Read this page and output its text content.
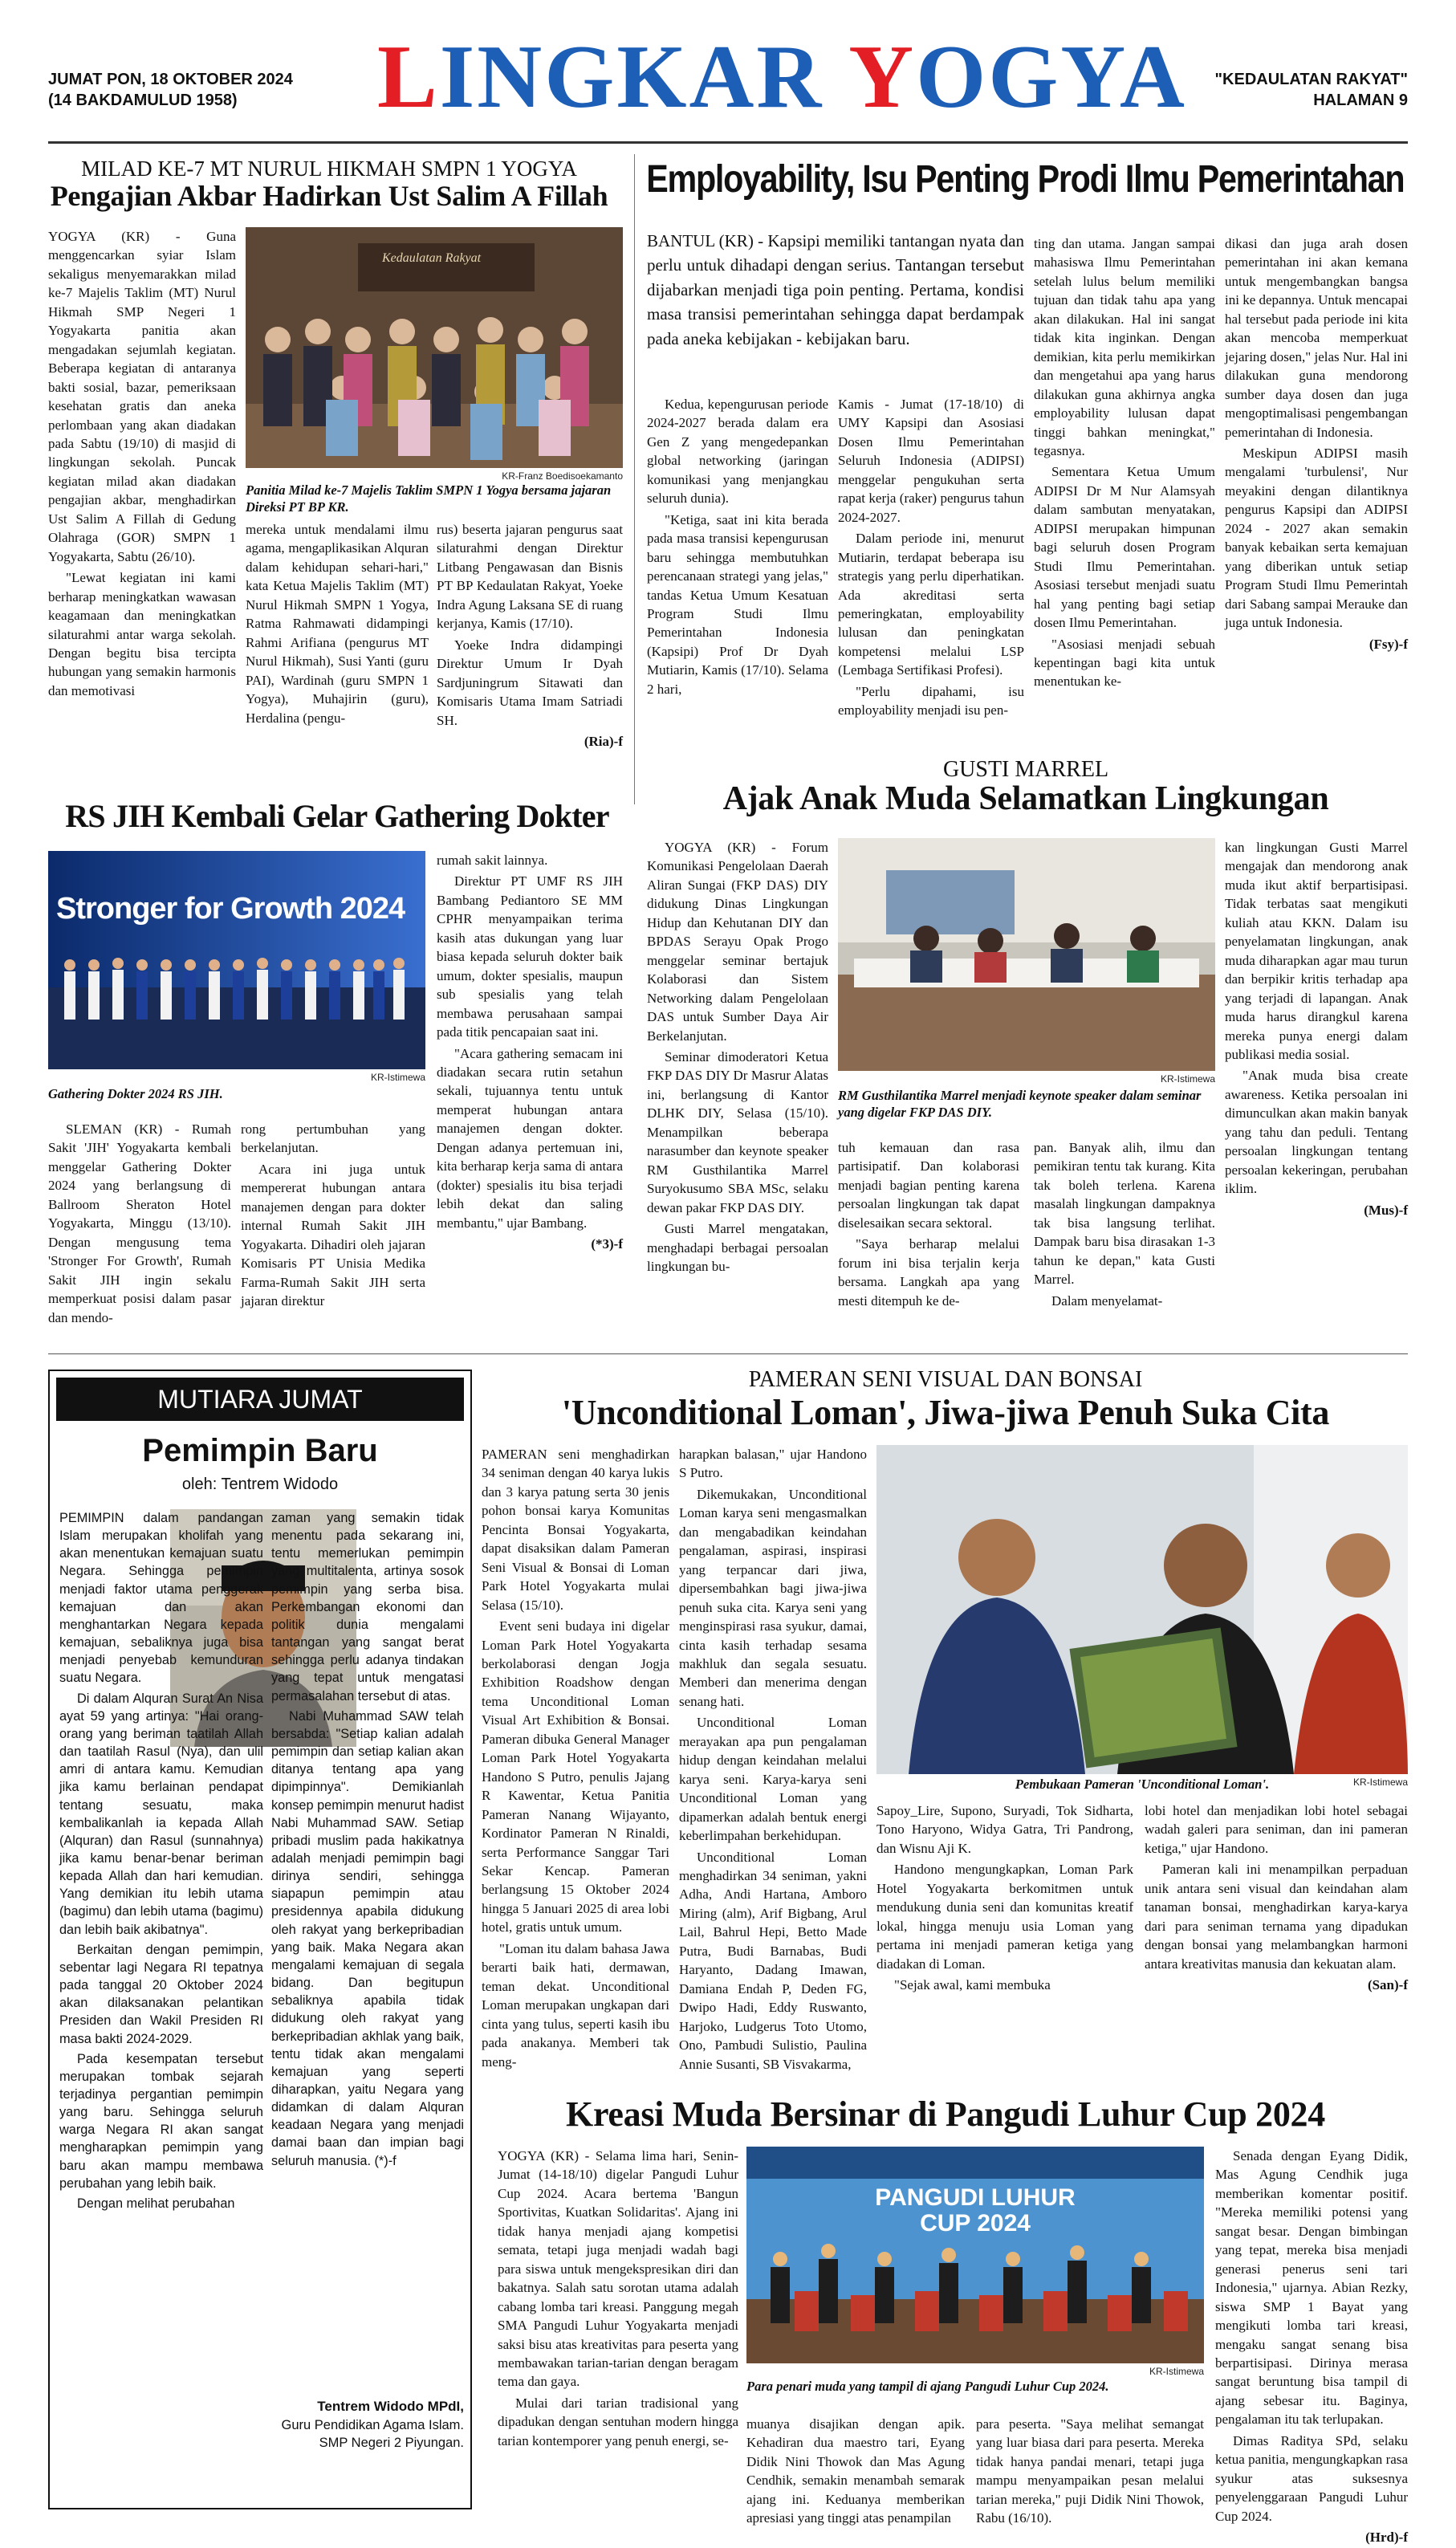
JUMAT PON, 18 OKTOBER 2024
(14 BAKDAMULUD 1958) LINGKAR YOGYA "KEDAULATAN RAKYAT"
HALAMAN 9
MILAD KE-7 MT NURUL HIKMAH SMPN 1 YOGYA
Pengajian Akbar Hadirkan Ust Salim A Fillah

YOGYA (KR) - Guna menggencarkan syiar Islam sekaligus menyemarakkan milad ke-7 Majelis Taklim (MT) Nurul Hikmah SMP Negeri 1 Yogyakarta panitia akan mengadakan sejumlah kegiatan. Beberapa kegiatan di antaranya bakti sosial, bazar, pemeriksaan kesehatan gratis dan aneka perlombaan yang akan diadakan pada Sabtu (19/10) di masjid di lingkungan sekolah. Puncak kegiatan milad akan diadakan pengajian akbar, menghadirkan Ust Salim A Fillah di Gedung Olahraga (GOR) SMPN 1 Yogyakarta, Sabtu (26/10).

"Lewat kegiatan ini kami berharap meningkatkan wawasan keagamaan dan meningkatkan silaturahmi antar warga sekolah. Dengan begitu bisa tercipta hubungan yang semakin harmonis dan memotivasi

Kedaulatan Rakyat
KR-Franz Boedisoekamanto
Panitia Milad ke-7 Majelis Taklim SMPN 1 Yogya bersama jajaran Direksi PT BP KR.

mereka untuk mendalami ilmu agama, mengaplikasikan Alquran dalam kehidupan sehari-hari," kata Ketua Majelis Taklim (MT) Nurul Hikmah SMPN 1 Yogya, Ratma Rahmawati didampingi Rahmi Arifiana (pengurus MT Nurul Hikmah), Susi Yanti (guru PAI), Wardinah (guru SMPN 1 Yogya), Muhajirin (guru), Herdalina (pengu-

rus) beserta jajaran pengurus saat silaturahmi dengan Direktur Litbang Pengawasan dan Bisnis PT BP Kedaulatan Rakyat, Yoeke Indra Agung Laksana SE di ruang kerjanya, Kamis (17/10).

Yoeke Indra didampingi Direktur Umum Ir Dyah Sardjuningrum Sitawati dan Komisaris Utama Imam Satriadi SH.

(Ria)-f

Employability, Isu Penting Prodi Ilmu Pemerintahan
BANTUL (KR) - Kapsipi memiliki tantangan nyata dan perlu untuk dihadapi dengan serius. Tantangan tersebut dijabarkan menjadi tiga poin penting. Pertama, kondisi masa transisi pemerintahan sehingga dapat berdampak pada aneka kebijakan - kebijakan baru.

Kedua, kepengurusan periode 2024-2027 berada dalam era Gen Z yang mengedepankan global networking (jaringan komunikasi yang menjangkau seluruh dunia).

"Ketiga, saat ini kita berada pada masa transisi kepengurusan baru sehingga membutuhkan perencanaan strategi yang jelas," tandas Ketua Umum Kesatuan Program Studi Ilmu Pemerintahan Indonesia (Kapsipi) Prof Dr Dyah Mutiarin, Kamis (17/10). Selama 2 hari,

Kamis - Jumat (17-18/10) di UMY Kapsipi dan Asosiasi Dosen Ilmu Pemerintahan Seluruh Indonesia (ADIPSI) menggelar pengukuhan serta rapat kerja (raker) pengurus tahun 2024-2027.

Dalam periode ini, menurut Mutiarin, terdapat beberapa isu strategis yang perlu diperhatikan. Ada akreditasi serta pemeringkatan, employability lulusan dan peningkatan kompetensi melalui LSP (Lembaga Sertifikasi Profesi).

"Perlu dipahami, isu employability menjadi isu pen-

ting dan utama. Jangan sampai mahasiswa Ilmu Pemerintahan setelah lulus belum memiliki tujuan dan tidak tahu apa yang akan dilakukan. Hal ini sangat tidak kita inginkan. Dengan demikian, kita perlu memikirkan dan mengetahui apa yang harus dilakukan guna akhirnya angka employability lulusan dapat tinggi bahkan meningkat," tegasnya.

Sementara Ketua Umum ADIPSI Dr M Nur Alamsyah dalam sambutan menyatakan, ADIPSI merupakan himpunan bagi seluruh dosen Program Studi Ilmu Pemerintahan. Asosiasi tersebut menjadi suatu hal yang penting bagi setiap dosen Ilmu Pemerintahan.

"Asosiasi menjadi sebuah kepentingan bagi kita untuk menentukan ke-

dikasi dan juga arah dosen pemerintahan ini akan kemana untuk mengembangkan bangsa ini ke depannya. Untuk mencapai hal tersebut pada periode ini kita akan mencoba memperkuat jejaring dosen," jelas Nur. Hal ini dilakukan guna mendorong sumber daya dosen dan juga mengoptimalisasi pengembangan pemerintahan di Indonesia.

Meskipun ADIPSI masih mengalami 'turbulensi', Nur meyakini dengan dilantiknya pengurus Kapsipi dan ADIPSI 2024 - 2027 akan semakin banyak kebaikan serta kemajuan yang diberikan untuk setiap Program Studi Ilmu Pemerintah dari Sabang sampai Merauke dan juga untuk Indonesia.

(Fsy)-f

RS JIH Kembali Gelar Gathering Dokter
Stronger for Growth 2024
KR-Istimewa
Gathering Dokter 2024 RS JIH.

SLEMAN (KR) - Rumah Sakit 'JIH' Yogyakarta kembali menggelar Gathering Dokter 2024 yang berlangsung di Ballroom Sheraton Hotel Yogyakarta, Minggu (13/10). Dengan mengusung tema 'Stronger For Growth', Rumah Sakit JIH ingin sekalu memperkuat posisi dalam pasar dan mendo-

rong pertumbuhan yang berkelanjutan.

Acara ini juga untuk mempererat hubungan antara manajemen dengan para dokter internal Rumah Sakit JIH Yogyakarta. Dihadiri oleh jajaran Komisaris PT Unisia Medika Farma-Rumah Sakit JIH serta jajaran direktur

rumah sakit lainnya.

Direktur PT UMF RS JIH Bambang Pediantoro SE MM CPHR menyampaikan terima kasih atas dukungan yang luar biasa kepada seluruh dokter baik umum, dokter spesialis, maupun sub spesialis yang telah membawa perusahaan sampai pada titik pencapaian saat ini.

"Acara gathering semacam ini diadakan secara rutin setahun sekali, tujuannya tentu untuk memperat hubungan antara manajemen dengan dokter. Dengan adanya pertemuan ini, kita berharap kerja sama di antara (dokter) spesialis itu bisa terjadi lebih dekat dan saling membantu," ujar Bambang.

(*3)-f

GUSTI MARREL
Ajak Anak Muda Selamatkan Lingkungan

YOGYA (KR) - Forum Komunikasi Pengelolaan Daerah Aliran Sungai (FKP DAS) DIY didukung Dinas Lingkungan Hidup dan Kehutanan DIY dan BPDAS Serayu Opak Progo menggelar seminar bertajuk Kolaborasi dan Sistem Networking dalam Pengelolaan DAS untuk Sumber Daya Air Berkelanjutan.

Seminar dimoderatori Ketua FKP DAS DIY Dr Masrur Alatas ini, berlangsung di Kantor DLHK DIY, Selasa (15/10). Menampilkan beberapa narasumber dan keynote speaker RM Gusthilantika Marrel Suryokusumo SBA MSc, selaku dewan pakar FKP DAS DIY.

Gusti Marrel mengatakan, menghadapi berbagai persoalan lingkungan bu-

KR-Istimewa
RM Gusthilantika Marrel menjadi keynote speaker dalam seminar yang digelar FKP DAS DIY.

tuh kemauan dan rasa partisipatif. Dan kolaborasi menjadi bagian penting karena persoalan lingkungan tak dapat diselesaikan secara sektoral.

"Saya berharap melalui forum ini bisa terjalin kerja bersama. Langkah apa yang mesti ditempuh ke de-

pan. Banyak alih, ilmu dan pemikiran tentu tak kurang. Kita tak boleh terlena. Karena masalah lingkungan dampaknya tak bisa langsung terlihat. Dampak baru bisa dirasakan 1-3 tahun ke depan," kata Gusti Marrel.

Dalam menyelamat-

kan lingkungan Gusti Marrel mengajak dan mendorong anak muda ikut aktif berpartisipasi. Tidak terbatas saat mengikuti kuliah atau KKN. Dalam isu penyelamatan lingkungan, anak muda diharapkan agar mau turun dan berpikir kritis terhadap apa yang terjadi di lapangan. Anak muda harus dirangkul karena mereka punya energi dalam publikasi media sosial.

"Anak muda bisa create awareness. Ketika persoalan ini dimunculkan akan makin banyak yang tahu dan peduli. Tentang persoalan lingkungan tentang persoalan kekeringan, perubahan iklim.

(Mus)-f

MUTIARA JUMAT
Pemimpin Baru
oleh: Tentrem Widodo

PEMIMPIN dalam pandangan Islam merupakan kholifah yang akan menentukan kemajuan suatu Negara. Sehingga pemimpin menjadi faktor utama penggerak kemajuan dan akan menghantarkan Negara kepada kemajuan, sebaliknya juga bisa menjadi penyebab kemunduran suatu Negara.

Di dalam Alquran Surat An Nisa ayat 59 yang artinya: "Hai orang-orang yang beriman taatilah Allah dan taatilah Rasul (Nya), dan ulil amri di antara kamu. Kemudian jika kamu berlainan pendapat tentang sesuatu, maka kembalikanlah ia kepada Allah (Alquran) dan Rasul (sunnahnya) jika kamu benar-benar beriman kepada Allah dan hari kemudian. Yang demikian itu lebih utama (bagimu) dan lebih utama (bagimu) dan lebih baik akibatnya".

Berkaitan dengan pemimpin, sebentar lagi Negara RI tepatnya pada tanggal 20 Oktober 2024 akan dilaksanakan pelantikan Presiden dan Wakil Presiden RI masa bakti 2024-2029.

Pada kesempatan tersebut merupakan tombak sejarah terjadinya pergantian pemimpin yang baru. Sehingga seluruh warga Negara RI akan sangat mengharapkan pemimpin yang baru akan mampu membawa perubahan yang lebih baik.

Dengan melihat perubahan

zaman yang semakin tidak menentu pada sekarang ini, tentu memerlukan pemimpin yang multitalenta, artinya sosok pemimpin yang serba bisa. Perkembangan ekonomi dan politik dunia mengalami tantangan yang sangat berat sehingga perlu adanya tindakan yang tepat untuk mengatasi permasalahan tersebut di atas.

Nabi Muhammad SAW telah bersabda: "Setiap kalian adalah pemimpin dan setiap kalian akan ditanya tentang apa yang dipimpinnya". Demikianlah konsep pemimpin menurut hadist Nabi Muhammad SAW. Setiap pribadi muslim pada hakikatnya adalah menjadi pemimpin bagi dirinya sendiri, sehingga siapapun pemimpin atau presidennya apabila didukung oleh rakyat yang berkepribadian yang baik. Maka Negara akan mengalami kemajuan di segala bidang. Dan begitupun sebaliknya apabila tidak didukung oleh rakyat yang berkepribadian akhlak yang baik, tentu tidak akan mengalami kemajuan yang seperti diharapkan, yaitu Negara yang didamkan di dalam Alquran keadaan Negara yang menjadi damai baan dan impian bagi seluruh manusia. (*)-f

Tentrem Widodo MPdI,
Guru Pendidikan Agama Islam. SMP Negeri 2 Piyungan.
PAMERAN SENI VISUAL DAN BONSAI
'Unconditional Loman', Jiwa-jiwa Penuh Suka Cita

PAMERAN seni menghadirkan 34 seniman dengan 40 karya lukis dan 3 karya patung serta 30 jenis pohon bonsai karya Komunitas Pencinta Bonsai Yogyakarta, dapat disaksikan dalam Pameran Seni Visual & Bonsai di Loman Park Hotel Yogyakarta mulai Selasa (15/10).

Event seni budaya ini digelar Loman Park Hotel Yogyakarta berkolaborasi dengan Jogja Exhibition Roadshow dengan tema Unconditional Loman Visual Art Exhibition & Bonsai. Pameran dibuka General Manager Loman Park Hotel Yogyakarta Handono S Putro, penulis Jajang R Kawentar, Ketua Panitia Pameran Nanang Wijayanto, Kordinator Pameran N Rinaldi, serta Performance Sanggar Tari Sekar Kencap. Pameran berlangsung 15 Oktober 2024 hingga 5 Januari 2025 di area lobi hotel, gratis untuk umum.

"Loman itu dalam bahasa Jawa berarti baik hati, dermawan, teman dekat. Unconditional Loman merupakan ungkapan dari cinta yang tulus, seperti kasih ibu pada anakanya. Memberi tak meng-

harapkan balasan," ujar Handono S Putro.

Dikemukakan, Unconditional Loman karya seni mengasmalkan dan mengabadikan keindahan pengalaman, aspirasi, inspirasi yang terpancar dari jiwa, dipersembahkan bagi jiwa-jiwa penuh suka cita. Karya seni yang menginspirasi rasa syukur, damai, cinta kasih terhadap sesama makhluk dan segala sesuatu. Memberi dan menerima dengan senang hati.

Unconditional Loman merayakan apa pun pengalaman hidup dengan keindahan melalui karya seni. Karya-karya seni Unconditional Loman yang dipamerkan adalah bentuk energi keberlimpahan berkehidupan.

Unconditional Loman menghadirkan 34 seniman, yakni Adha, Andi Hartana, Amboro Miring (alm), Arif Bigbang, Arul Lail, Bahrul Hepi, Betto Made Putra, Budi Barnabas, Budi Haryanto, Dadang Imawan, Damiana Endah P, Deden FG, Dwipo Hadi, Eddy Ruswanto, Harjoko, Ludgerus Toto Utomo, Ono, Pambudi Sulistio, Paulina Annie Susanti, SB Visvakarma,

KR-Istimewa
Pembukaan Pameran 'Unconditional Loman'.

Sapoy_Lire, Supono, Suryadi, Tok Sidharta, Tono Haryono, Widya Gatra, Tri Pandrong, dan Wisnu Aji K.

Handono mengungkapkan, Loman Park Hotel Yogyakarta berkomitmen untuk mendukung dunia seni dan komunitas kreatif lokal, hingga menuju usia Loman yang pertama ini menjadi pameran ketiga yang diadakan di Loman.

"Sejak awal, kami membuka

lobi hotel dan menjadikan lobi hotel sebagai wadah galeri para seniman, dan ini pameran ketiga," ujar Handono.

Pameran kali ini menampilkan perpaduan unik antara seni visual dan keindahan alam tanaman bonsai, menghadirkan karya-karya dari para seniman ternama yang dipadukan dengan bonsai yang melambangkan harmoni antara kreativitas manusia dan kekuatan alam.

(San)-f

Kreasi Muda Bersinar di Pangudi Luhur Cup 2024

YOGYA (KR) - Selama lima hari, Senin-Jumat (14-18/10) digelar Pangudi Luhur Cup 2024. Acara bertema 'Bangun Sportivitas, Kuatkan Solidaritas'. Ajang ini tidak hanya menjadi ajang kompetisi semata, tetapi juga menjadi wadah bagi para siswa untuk mengekspresikan diri dan bakatnya. Salah satu sorotan utama adalah cabang lomba tari kreasi. Panggung megah SMA Pangudi Luhur Yogyakarta menjadi saksi bisu atas kreativitas para peserta yang membawakan tarian-tarian dengan beragam tema dan gaya.

Mulai dari tarian tradisional yang dipadukan dengan sentuhan modern hingga tarian kontemporer yang penuh energi, se-

PANGUDI LUHUR CUP 2024
KR-Istimewa
Para penari muda yang tampil di ajang Pangudi Luhur Cup 2024.

muanya disajikan dengan apik. Kehadiran dua maestro tari, Eyang Didik Nini Thowok dan Mas Agung Cendhik, semakin menambah semarak ajang ini. Keduanya memberikan apresiasi yang tinggi atas penampilan

para peserta. "Saya melihat semangat yang luar biasa dari para peserta. Mereka tidak hanya pandai menari, tetapi juga mampu menyampaikan pesan melalui tarian mereka," puji Didik Nini Thowok, Rabu (16/10).

Senada dengan Eyang Didik, Mas Agung Cendhik juga memberikan komentar positif. "Mereka memiliki potensi yang sangat besar. Dengan bimbingan yang tepat, mereka bisa menjadi generasi penerus seni tari Indonesia," ujarnya. Abian Rezky, siswa SMP 1 Bayat yang mengikuti lomba tari kreasi, mengaku sangat senang bisa berpartisipasi. Dirinya merasa sangat beruntung bisa tampil di ajang sebesar itu. Baginya, pengalaman itu tak terlupakan.

Dimas Raditya SPd, selaku ketua panitia, mengungkapkan rasa syukur atas suksesnya penyelenggaraan Pangudi Luhur Cup 2024.

(Hrd)-f
